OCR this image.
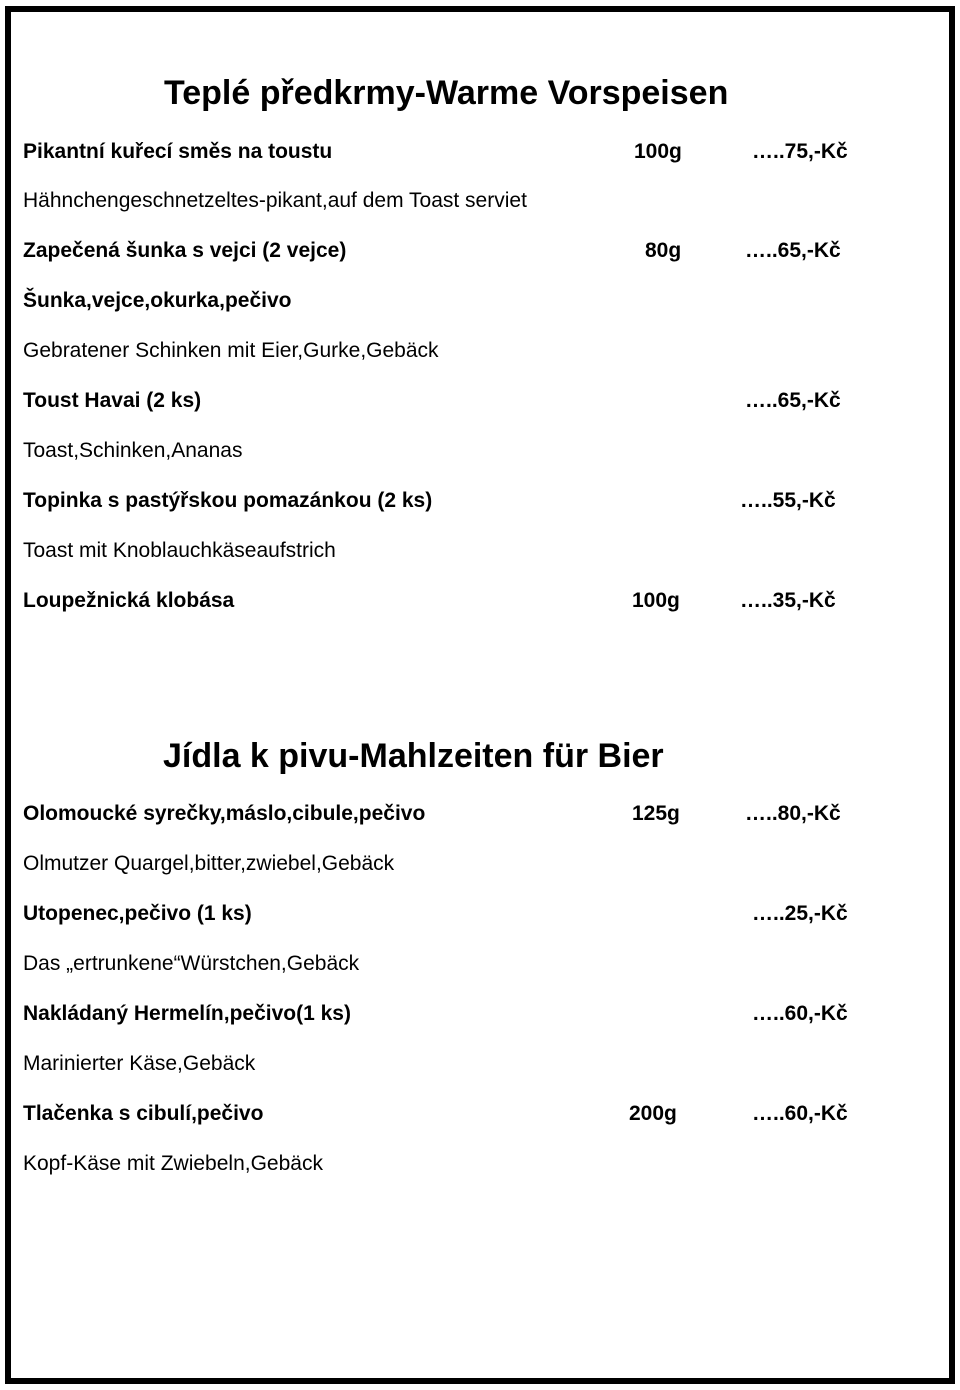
Teplé předkrmy-Warme Vorspeisen
Pikantní kuřecí směs na toustu	100g	…..75,-Kč
Hähnchengeschnetzeltes-pikant,auf dem Toast serviet
Zapečená šunka s vejci (2 vejce)	80g	…..65,-Kč
Šunka,vejce,okurka,pečivo
Gebratener Schinken mit Eier,Gurke,Gebäck
Toust Havai (2 ks)	…..65,-Kč
Toast,Schinken,Ananas
Topinka s pastýřskou pomazánkou (2 ks)	…..55,-Kč
Toast mit Knoblauchkäseaufstrich
Loupežnická klobása	100g	…..35,-Kč
Jídla k pivu-Mahlzeiten für Bier
Olomoucké syrečky,máslo,cibule,pečivo	125g	…..80,-Kč
Olmutzer Quargel,bitter,zwiebel,Gebäck
Utopenec,pečivo (1 ks)	…..25,-Kč
Das „ertrunkene“Würstchen,Gebäck
Nakládaný Hermelín,pečivo(1 ks)	…..60,-Kč
Marinierter Käse,Gebäck
Tlačenka s cibulí,pečivo	200g	…..60,-Kč
Kopf-Käse mit Zwiebeln,Gebäck
